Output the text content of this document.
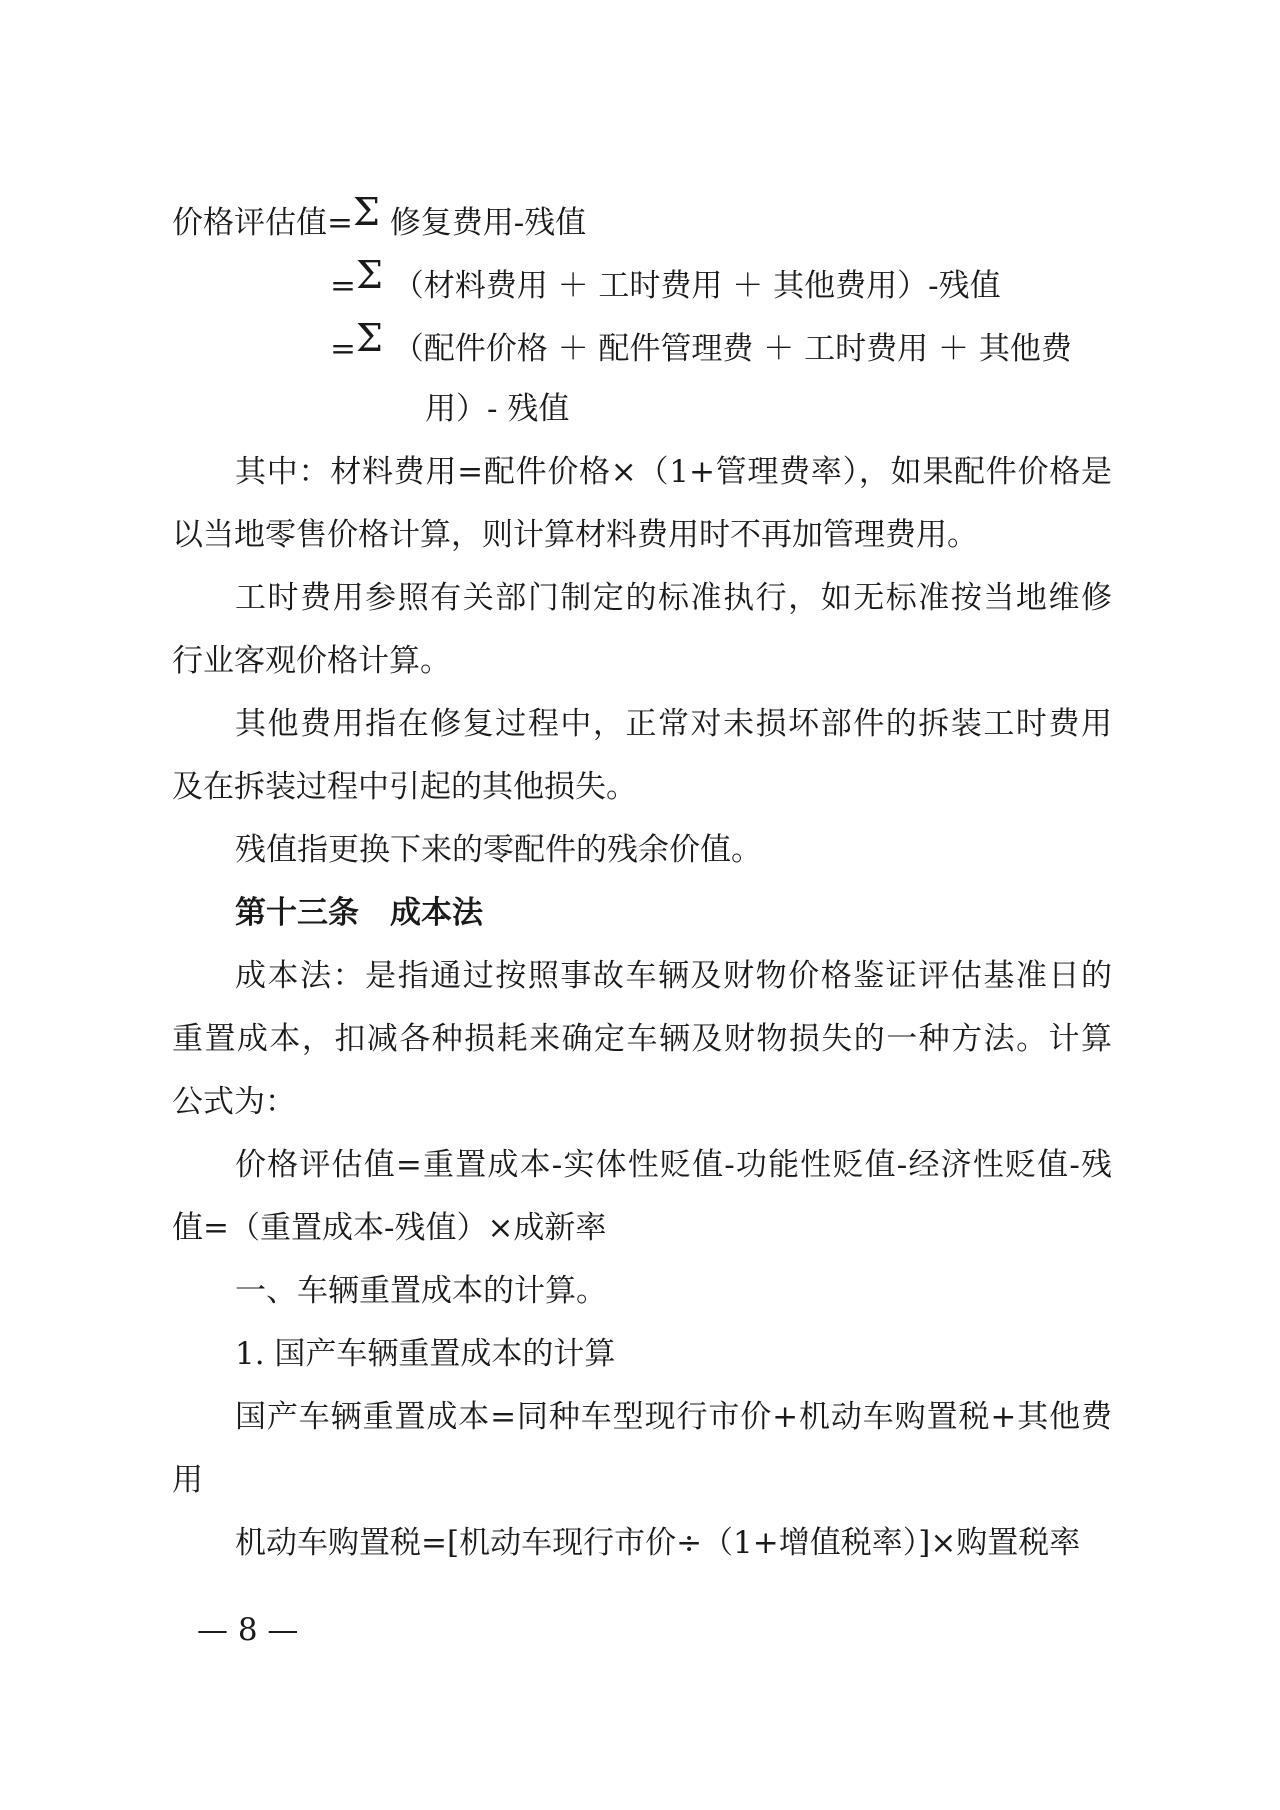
价格评估值=Σ 修复费用-残值
=Σ （材料费用 ＋ 工时费用 ＋ 其他费用）-残值
=Σ （配件价格 ＋ 配件管理费 ＋ 工时费用 ＋ 其他费
用）- 残值
其中：材料费用=配件价格×（1+管理费率），如果配件价格是
以当地零售价格计算，则计算材料费用时不再加管理费用。
工时费用参照有关部门制定的标准执行，如无标准按当地维修
行业客观价格计算。
其他费用指在修复过程中，正常对未损坏部件的拆装工时费用
及在拆装过程中引起的其他损失。
残值指更换下来的零配件的残余价值。
第十三条　成本法
成本法：是指通过按照事故车辆及财物价格鉴证评估基准日的
重置成本，扣减各种损耗来确定车辆及财物损失的一种方法。计算
公式为：
价格评估值=重置成本-实体性贬值-功能性贬值-经济性贬值-残
值=（重置成本-残值）×成新率
一、车辆重置成本的计算。
1. 国产车辆重置成本的计算
国产车辆重置成本=同种车型现行市价+机动车购置税+其他费
用
机动车购置税=[机动车现行市价÷（1+增值税率）]×购置税率
— 8 —
